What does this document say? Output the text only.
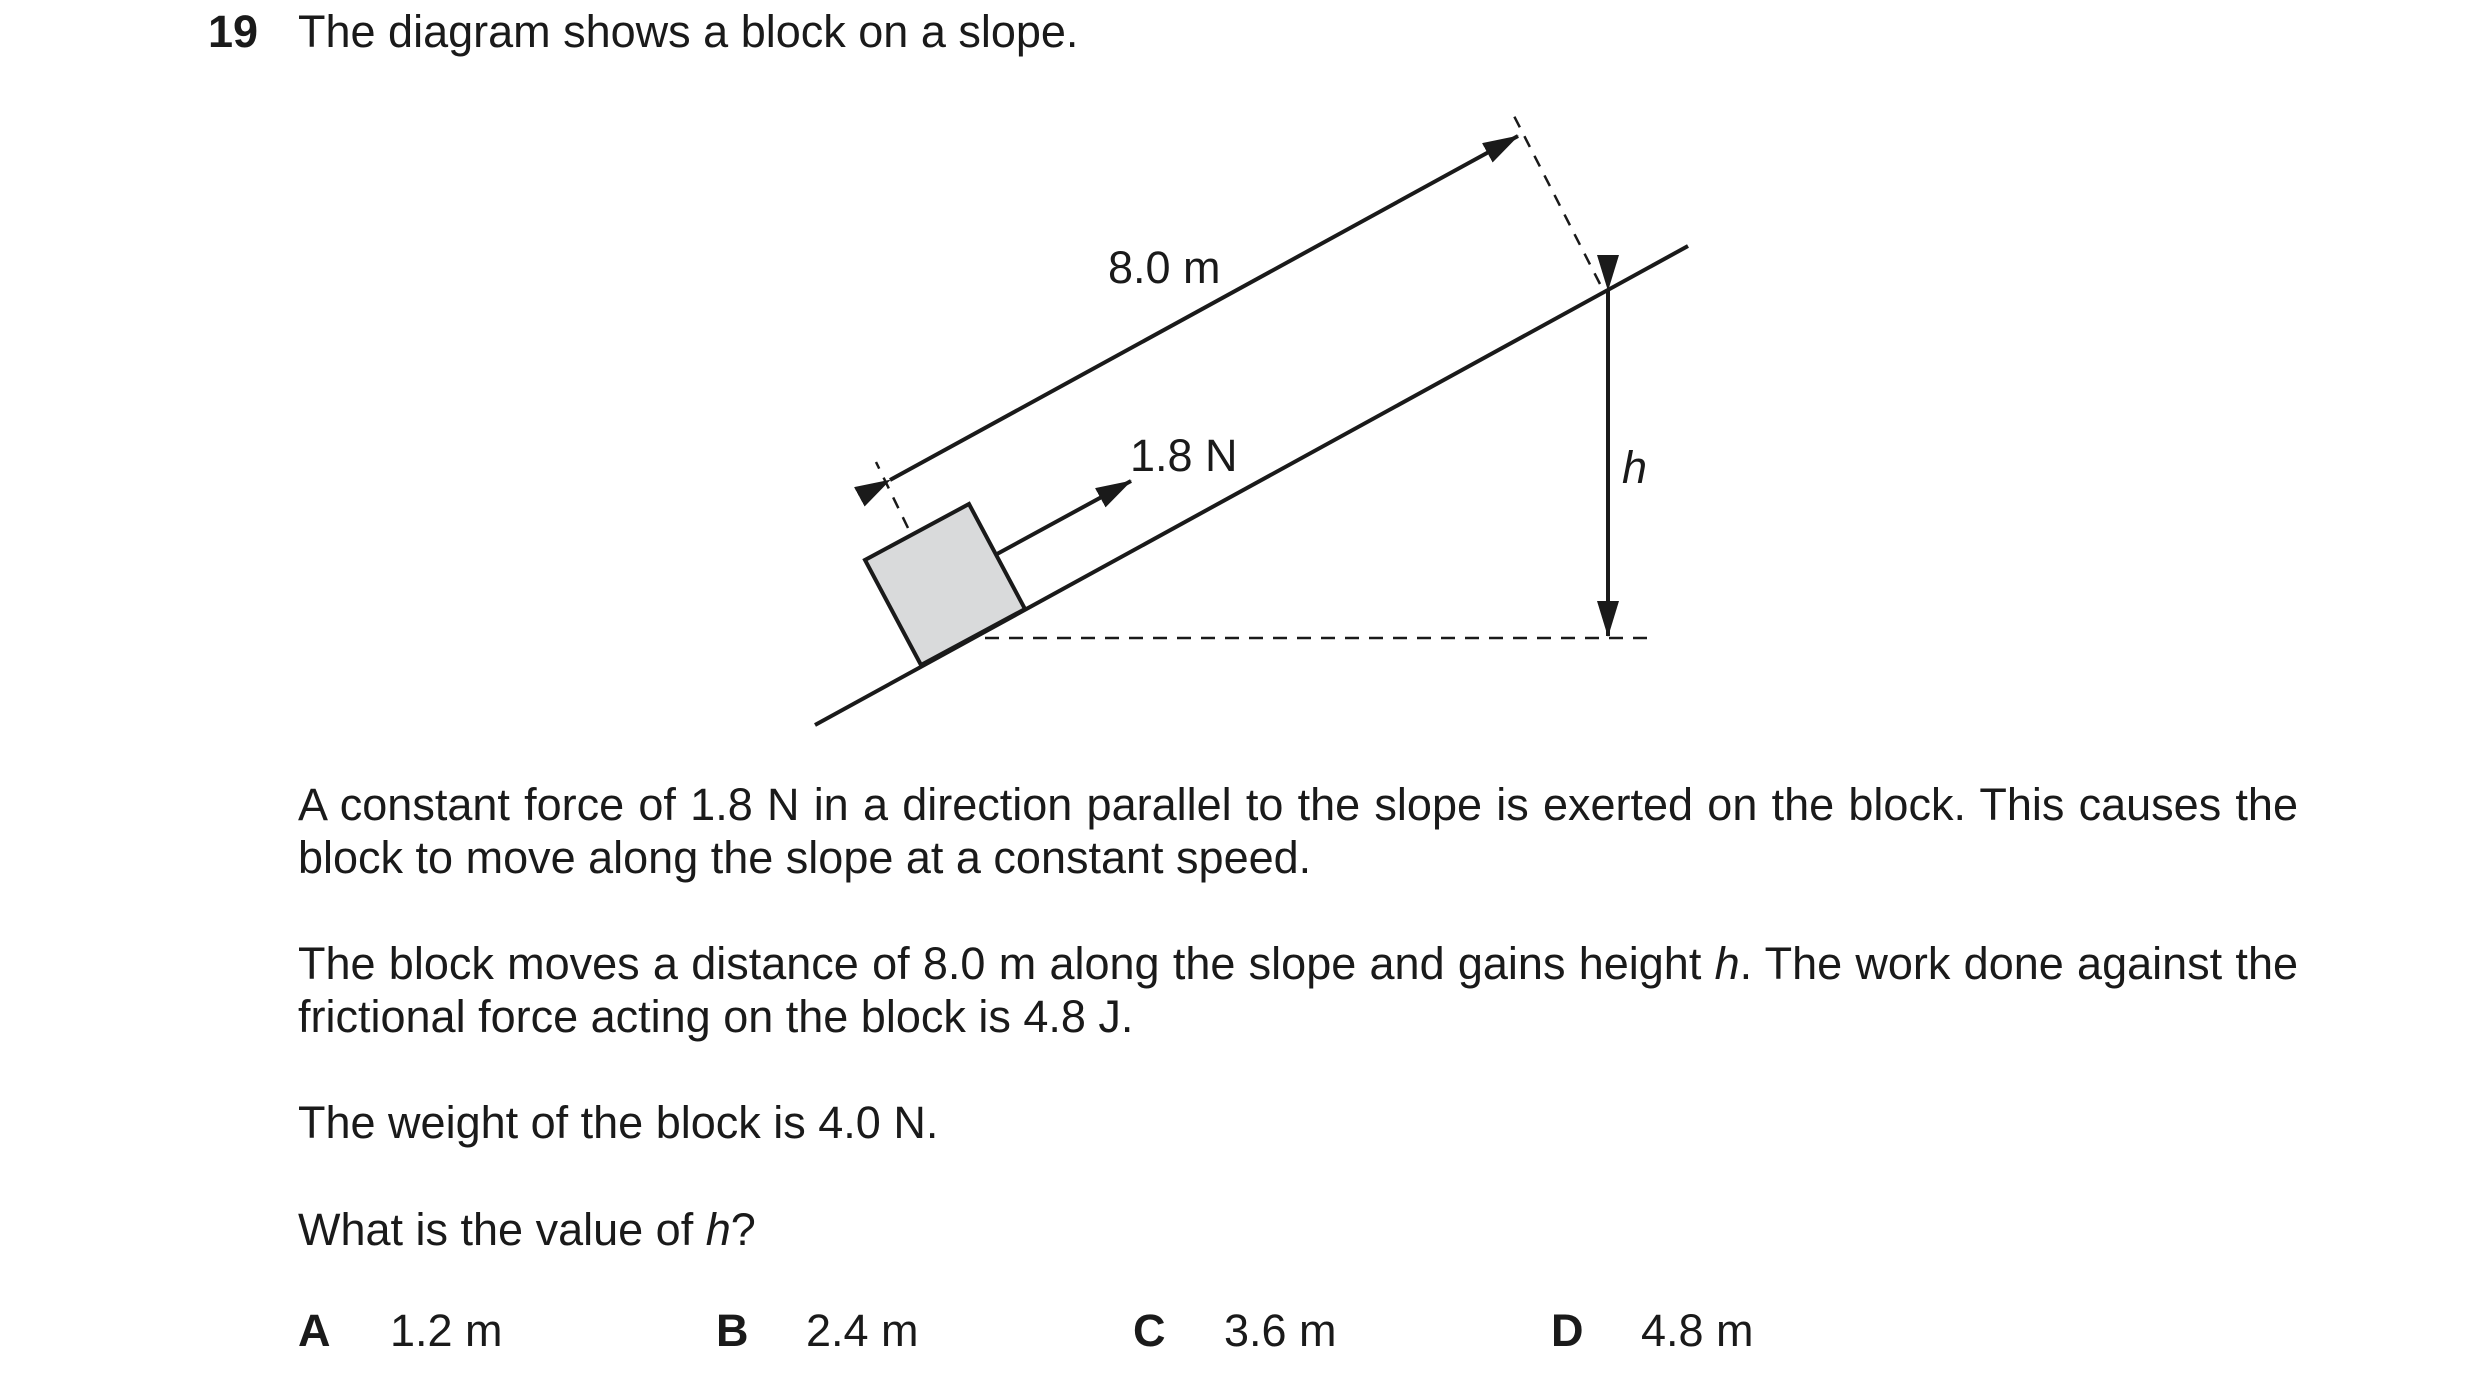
19 The diagram shows a block on a slope.
1.8 N
8.0 m
h

A constant force of 1.8 N in a direction parallel to the slope is exerted on the block. This causes the block to move along the slope at a constant speed.

The block moves a distance of 8.0 m along the slope and gains height h. The work done against the frictional force acting on the block is 4.8 J.

The weight of the block is 4.0 N.

What is the value of h?

A 1.2 m	B 2.4 m	C 3.6 m	D 4.8 m
